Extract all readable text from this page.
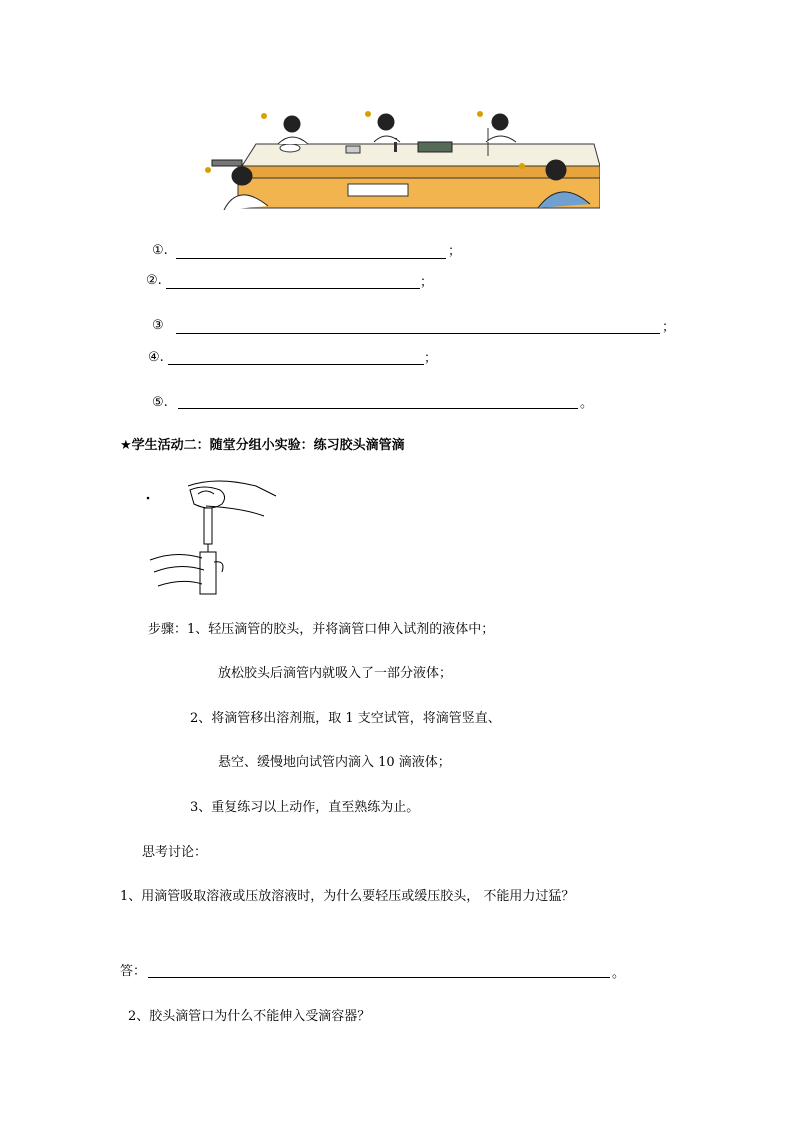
①.	；
②.	；
③	；
④.	；
⑤.	。
★学生活动二：随堂分组小实验：练习胶头滴管滴
步骤：1、轻压滴管的胶头，并将滴管口伸入试剂的液体中；
放松胶头后滴管内就吸入了一部分液体；
2、将滴管移出溶剂瓶，取 1 支空试管，将滴管竖直、
悬空、缓慢地向试管内滴入 10 滴液体；
3、重复练习以上动作，直至熟练为止。
思考讨论：
1、用滴管吸取溶液或压放溶液时，为什么要轻压或缓压胶头， 不能用力过猛？
答：	。
2、胶头滴管口为什么不能伸入受滴容器？
